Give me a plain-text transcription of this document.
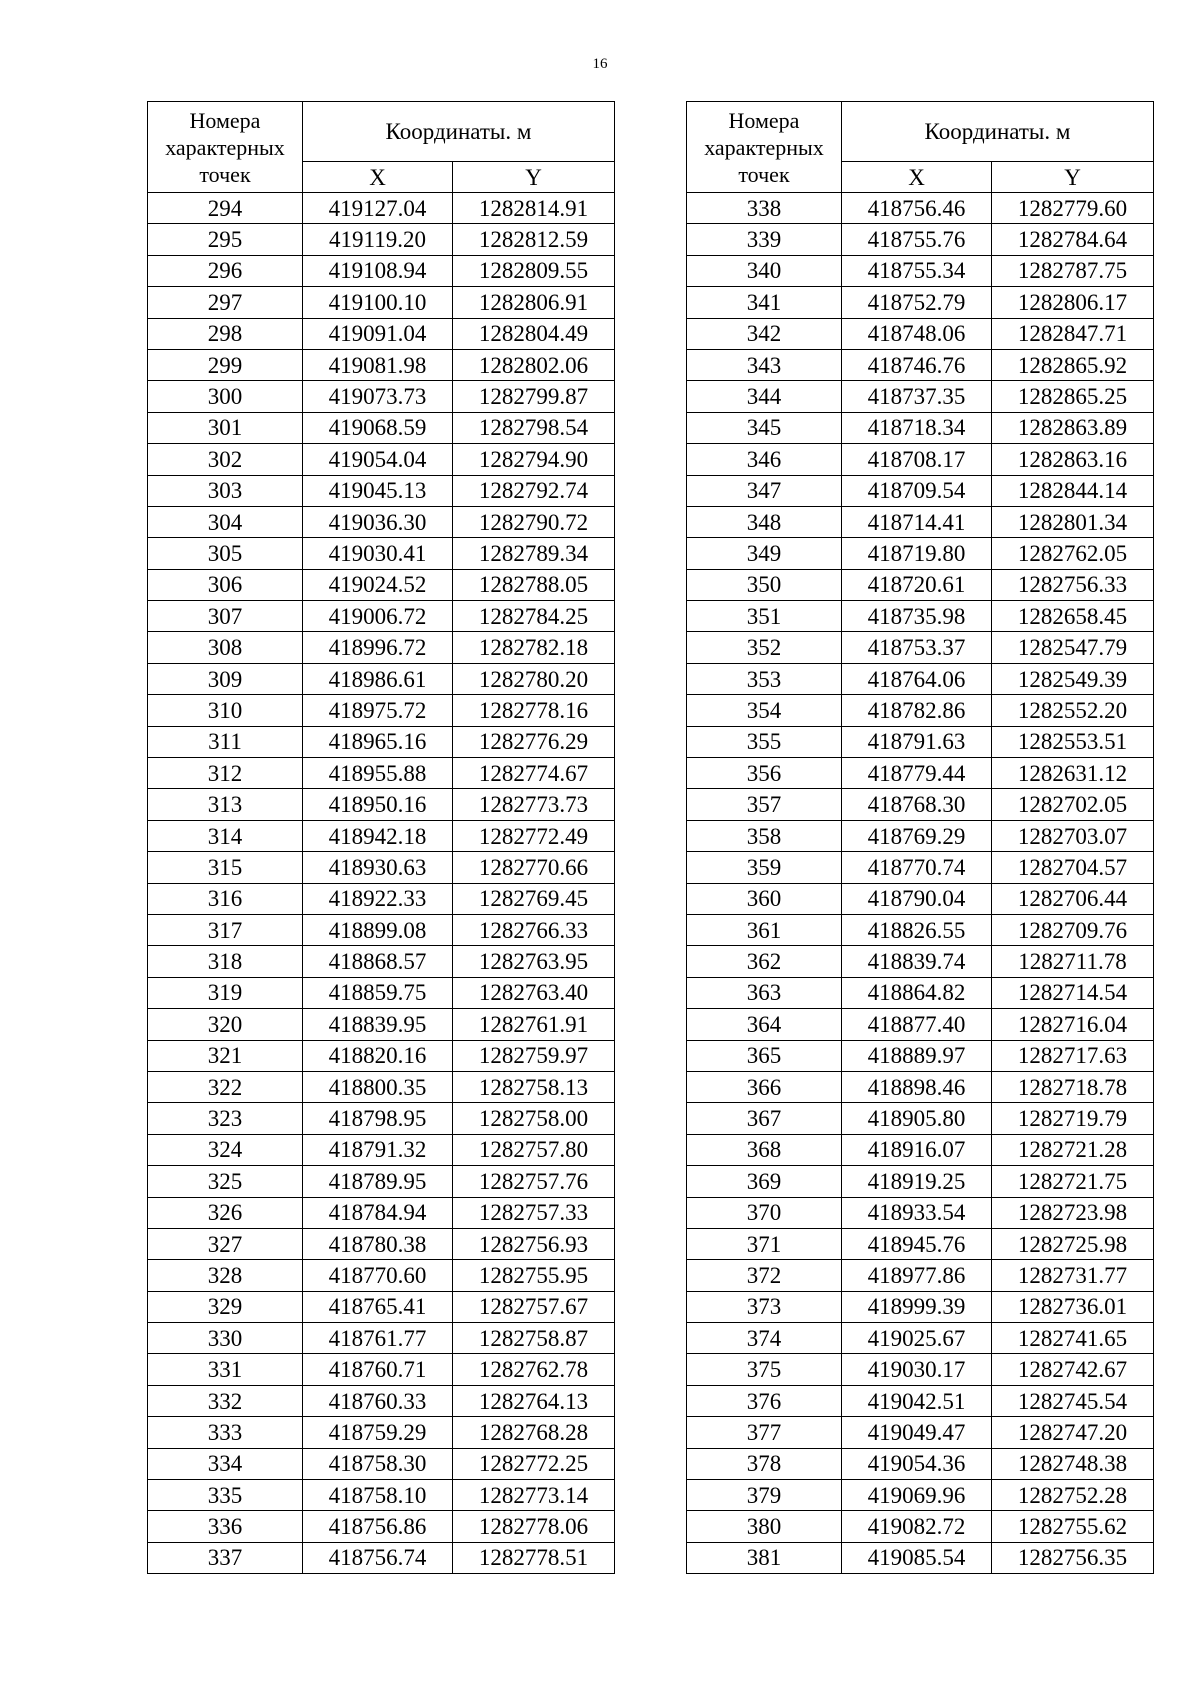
16
Номера характерных точек	Координаты. м	
	X	Y
294	419127.04	1282814.91
295	419119.20	1282812.59
296	419108.94	1282809.55
297	419100.10	1282806.91
298	419091.04	1282804.49
299	419081.98	1282802.06
300	419073.73	1282799.87
301	419068.59	1282798.54
302	419054.04	1282794.90
303	419045.13	1282792.74
304	419036.30	1282790.72
305	419030.41	1282789.34
306	419024.52	1282788.05
307	419006.72	1282784.25
308	418996.72	1282782.18
309	418986.61	1282780.20
310	418975.72	1282778.16
311	418965.16	1282776.29
312	418955.88	1282774.67
313	418950.16	1282773.73
314	418942.18	1282772.49
315	418930.63	1282770.66
316	418922.33	1282769.45
317	418899.08	1282766.33
318	418868.57	1282763.95
319	418859.75	1282763.40
320	418839.95	1282761.91
321	418820.16	1282759.97
322	418800.35	1282758.13
323	418798.95	1282758.00
324	418791.32	1282757.80
325	418789.95	1282757.76
326	418784.94	1282757.33
327	418780.38	1282756.93
328	418770.60	1282755.95
329	418765.41	1282757.67
330	418761.77	1282758.87
331	418760.71	1282762.78
332	418760.33	1282764.13
333	418759.29	1282768.28
334	418758.30	1282772.25
335	418758.10	1282773.14
336	418756.86	1282778.06
337	418756.74	1282778.51
Номера характерных точек	Координаты. м	
	X	Y
338	418756.46	1282779.60
339	418755.76	1282784.64
340	418755.34	1282787.75
341	418752.79	1282806.17
342	418748.06	1282847.71
343	418746.76	1282865.92
344	418737.35	1282865.25
345	418718.34	1282863.89
346	418708.17	1282863.16
347	418709.54	1282844.14
348	418714.41	1282801.34
349	418719.80	1282762.05
350	418720.61	1282756.33
351	418735.98	1282658.45
352	418753.37	1282547.79
353	418764.06	1282549.39
354	418782.86	1282552.20
355	418791.63	1282553.51
356	418779.44	1282631.12
357	418768.30	1282702.05
358	418769.29	1282703.07
359	418770.74	1282704.57
360	418790.04	1282706.44
361	418826.55	1282709.76
362	418839.74	1282711.78
363	418864.82	1282714.54
364	418877.40	1282716.04
365	418889.97	1282717.63
366	418898.46	1282718.78
367	418905.80	1282719.79
368	418916.07	1282721.28
369	418919.25	1282721.75
370	418933.54	1282723.98
371	418945.76	1282725.98
372	418977.86	1282731.77
373	418999.39	1282736.01
374	419025.67	1282741.65
375	419030.17	1282742.67
376	419042.51	1282745.54
377	419049.47	1282747.20
378	419054.36	1282748.38
379	419069.96	1282752.28
380	419082.72	1282755.62
381	419085.54	1282756.35
